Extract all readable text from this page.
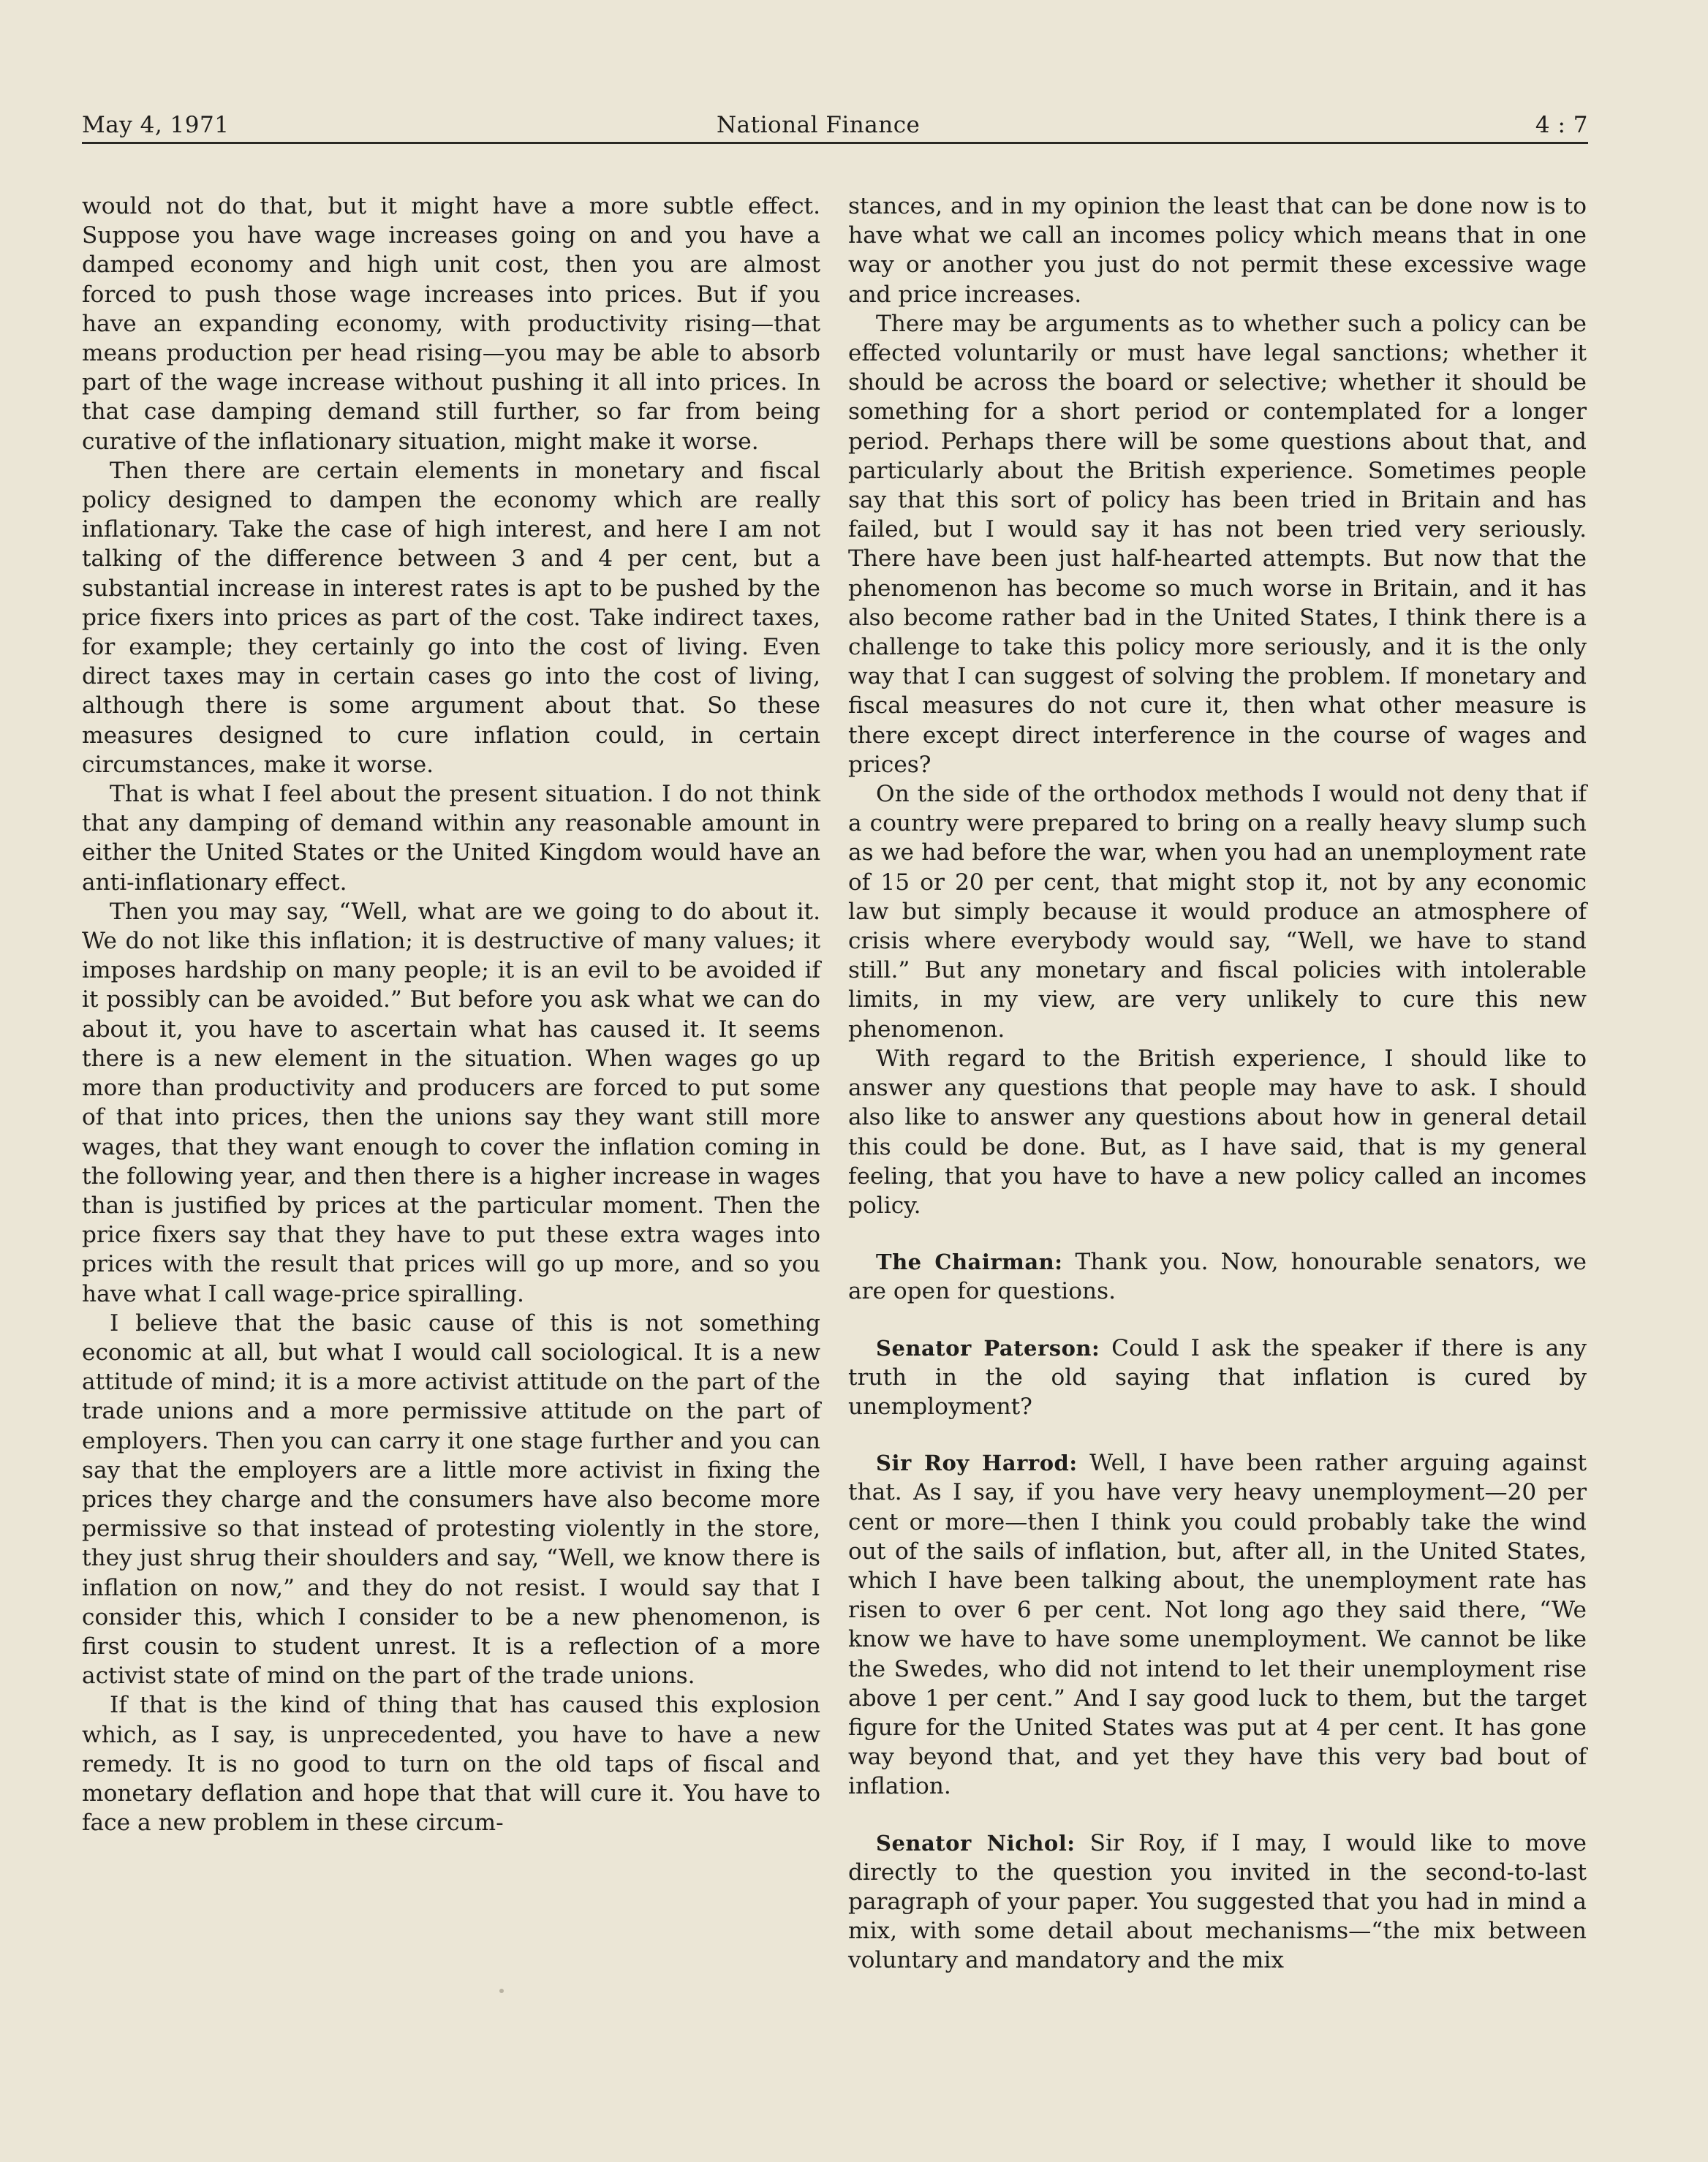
May 4, 1971	National Finance	4 : 7

would not do that, but it might have a more subtle effect. Suppose you have wage increases going on and you have a damped economy and high unit cost, then you are almost forced to push those wage increases into prices. But if you have an expanding economy, with productivity rising—that means production per head rising—you may be able to absorb part of the wage increase without pushing it all into prices. In that case damping demand still further, so far from being curative of the inflationary situation, might make it worse.

Then there are certain elements in monetary and fiscal policy designed to dampen the economy which are really inflationary. Take the case of high interest, and here I am not talking of the difference between 3 and 4 per cent, but a substantial increase in interest rates is apt to be pushed by the price fixers into prices as part of the cost. Take indirect taxes, for example; they certainly go into the cost of living. Even direct taxes may in certain cases go into the cost of living, although there is some argument about that. So these measures designed to cure inflation could, in certain circumstances, make it worse.

That is what I feel about the present situation. I do not think that any damping of demand within any reasonable amount in either the United States or the United Kingdom would have an anti-inflationary effect.

Then you may say, “Well, what are we going to do about it. We do not like this inflation; it is destructive of many values; it imposes hardship on many people; it is an evil to be avoided if it possibly can be avoided.” But before you ask what we can do about it, you have to ascertain what has caused it. It seems there is a new element in the situation. When wages go up more than productivity and producers are forced to put some of that into prices, then the unions say they want still more wages, that they want enough to cover the inflation coming in the following year, and then there is a higher increase in wages than is justified by prices at the particular moment. Then the price fixers say that they have to put these extra wages into prices with the result that prices will go up more, and so you have what I call wage-price spiralling.

I believe that the basic cause of this is not something economic at all, but what I would call sociological. It is a new attitude of mind; it is a more activist attitude on the part of the trade unions and a more permissive attitude on the part of employers. Then you can carry it one stage further and you can say that the employers are a little more activist in fixing the prices they charge and the consumers have also become more permissive so that instead of protesting violently in the store, they just shrug their shoulders and say, “Well, we know there is inflation on now,” and they do not resist. I would say that I consider this, which I consider to be a new phenomenon, is first cousin to student unrest. It is a reflection of a more activist state of mind on the part of the trade unions.

If that is the kind of thing that has caused this explosion which, as I say, is unprecedented, you have to have a new remedy. It is no good to turn on the old taps of fiscal and monetary deflation and hope that that will cure it. You have to face a new problem in these circum-

stances, and in my opinion the least that can be done now is to have what we call an incomes policy which means that in one way or another you just do not permit these excessive wage and price increases.

There may be arguments as to whether such a policy can be effected voluntarily or must have legal sanctions; whether it should be across the board or selective; whether it should be something for a short period or contemplated for a longer period. Perhaps there will be some questions about that, and particularly about the British experience. Sometimes people say that this sort of policy has been tried in Britain and has failed, but I would say it has not been tried very seriously. There have been just half-hearted attempts. But now that the phenomenon has become so much worse in Britain, and it has also become rather bad in the United States, I think there is a challenge to take this policy more seriously, and it is the only way that I can suggest of solving the problem. If monetary and fiscal measures do not cure it, then what other measure is there except direct interference in the course of wages and prices?

On the side of the orthodox methods I would not deny that if a country were prepared to bring on a really heavy slump such as we had before the war, when you had an unemployment rate of 15 or 20 per cent, that might stop it, not by any economic law but simply because it would produce an atmosphere of crisis where everybody would say, “Well, we have to stand still.” But any monetary and fiscal policies with intolerable limits, in my view, are very unlikely to cure this new phenomenon.

With regard to the British experience, I should like to answer any questions that people may have to ask. I should also like to answer any questions about how in general detail this could be done. But, as I have said, that is my general feeling, that you have to have a new policy called an incomes policy.

The Chairman: Thank you. Now, honourable senators, we are open for questions.

Senator Paterson: Could I ask the speaker if there is any truth in the old saying that inflation is cured by unemployment?

Sir Roy Harrod: Well, I have been rather arguing against that. As I say, if you have very heavy unemployment—20 per cent or more—then I think you could probably take the wind out of the sails of inflation, but, after all, in the United States, which I have been talking about, the unemployment rate has risen to over 6 per cent. Not long ago they said there, “We know we have to have some unemployment. We cannot be like the Swedes, who did not intend to let their unemployment rise above 1 per cent.” And I say good luck to them, but the target figure for the United States was put at 4 per cent. It has gone way beyond that, and yet they have this very bad bout of inflation.

Senator Nichol: Sir Roy, if I may, I would like to move directly to the question you invited in the second-to-last paragraph of your paper. You suggested that you had in mind a mix, with some detail about mechanisms—“the mix between voluntary and mandatory and the mix
